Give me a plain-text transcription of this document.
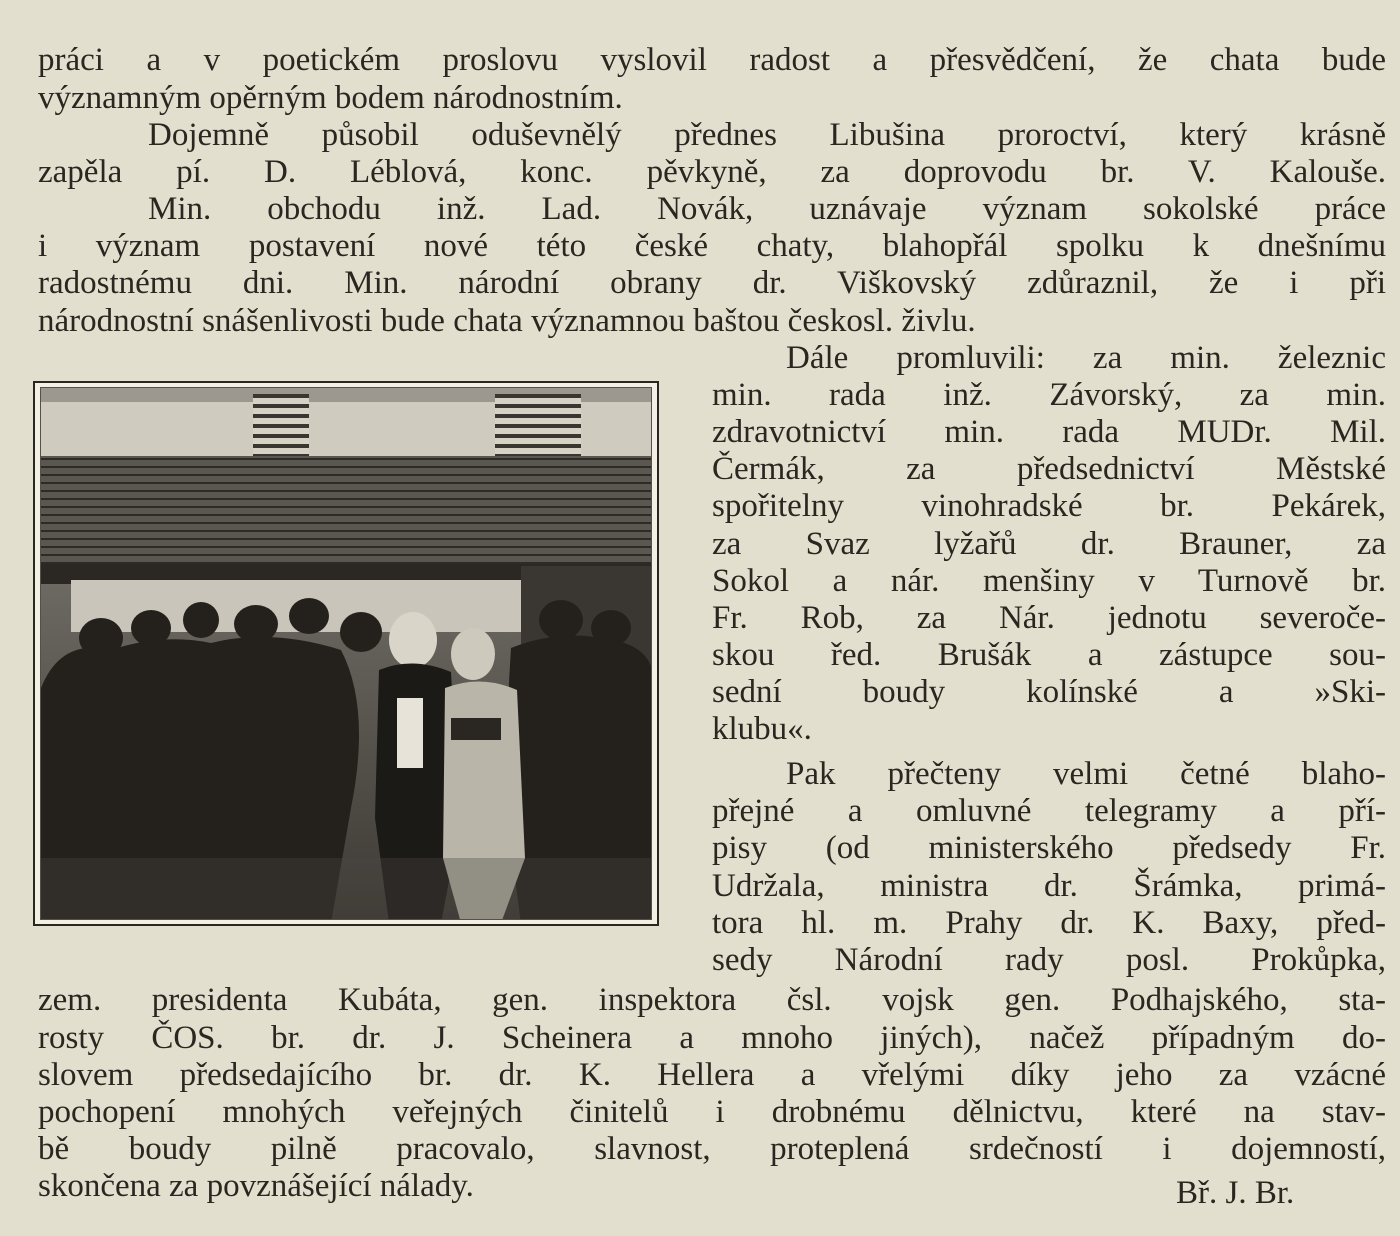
práci a v poetickém proslovu vyslovil radost a přesvědčení, že chata bude
významným opěrným bodem národnostním.
Dojemně působil oduševnělý přednes Libušina proroctví, který krásně
zapěla pí. D. Léblová, konc. pěvkyně, za doprovodu br. V. Kalouše.
Min. obchodu inž. Lad. Novák, uznávaje význam sokolské práce
i význam postavení nové této české chaty, blahopřál spolku k dnešnímu
radostnému dni. Min. národní obrany dr. Viškovský zdůraznil, že i při
národnostní snášenlivosti bude chata významnou baštou českosl. živlu.
Dále promluvili: za min. železnic
min. rada inž. Závorský, za min.
zdravotnictví min. rada MUDr. Mil.
Čermák, za předsednictví Městské
spořitelny vinohradské br. Pekárek,
za Svaz lyžařů dr. Brauner, za
Sokol a nár. menšiny v Turnově br.
Fr. Rob, za Nár. jednotu severoče-
skou řed. Brušák a zástupce sou-
sední boudy kolínské a »Ski-
klubu«.
Pak přečteny velmi četné blaho-
přejné a omluvné telegramy a pří-
pisy (od ministerského předsedy Fr.
Udržala, ministra dr. Šrámka, primá-
tora hl. m. Prahy dr. K. Baxy, před-
sedy Národní rady posl. Prokůpka,
zem. presidenta Kubáta, gen. inspektora čsl. vojsk gen. Podhajského, sta-
rosty ČOS. br. dr. J. Scheinera a mnoho jiných), načež případným do-
slovem předsedajícího br. dr. K. Hellera a vřelými díky jeho za vzácné
pochopení mnohých veřejných činitelů i drobnému dělnictvu, které na stav-
bě boudy pilně pracovalo, slavnost, proteplená srdečností i dojemností,
skončena za povznášející nálady.	Bř. J. Br.
